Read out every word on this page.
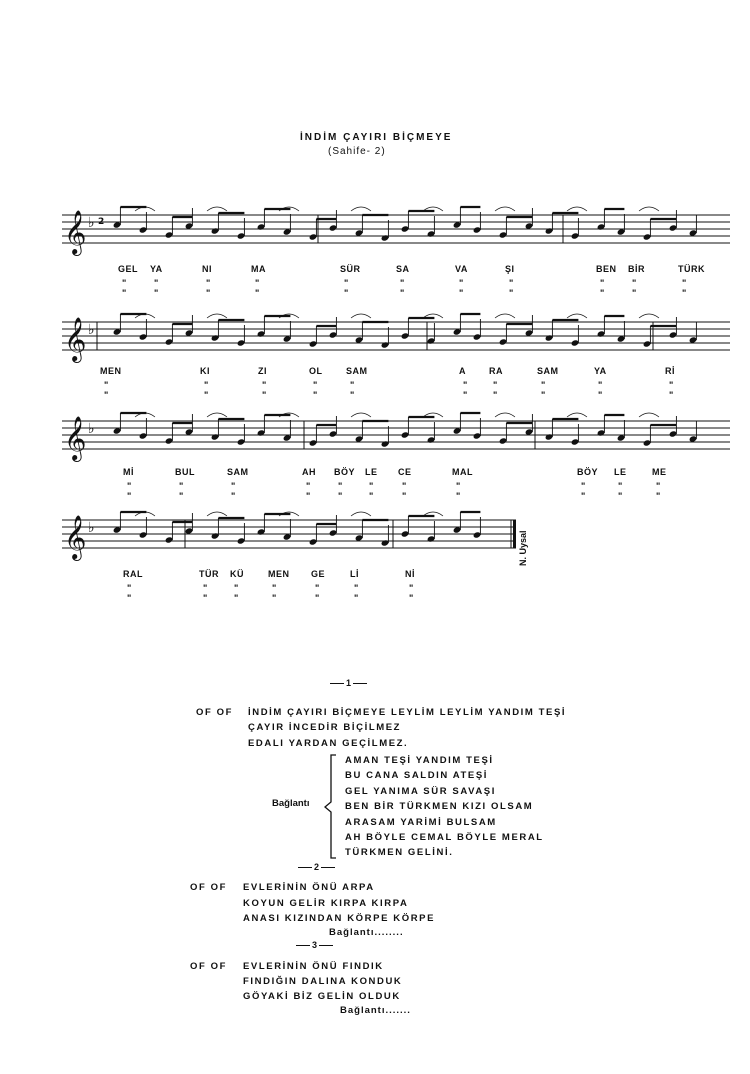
İNDİM ÇAYIRI BİÇMEYE
(Sahife- 2)
𝄞 ♭ 2
𝄞 ♭
𝄞 ♭
𝄞 ♭
GEL
"
"
YA
"
"
NI
"
"
MA
"
"
SÜR
"
"
SA
"
"
VA
"
"
ŞI
"
"
BEN
"
"
BİR
"
"
TÜRK
"
"
MEN
"
"
KI
"
"
ZI
"
"
OL
"
"
SAM
"
"
A
"
"
RA
"
"
SAM
"
"
YA
"
"
Rİ
"
"
Mİ
"
"
BUL
"
"
SAM
"
"
AH
"
"
BÖY
"
"
LE
"
"
CE
"
"
MAL
"
"
BÖY
"
"
LE
"
"
ME
"
"
RAL
"
"
TÜR
"
"
KÜ
"
"
MEN
"
"
GE
"
"
Lİ
"
"
Nİ
"
"
N. Uysal
1
OF OF İNDİM ÇAYIRI BİÇMEYE LEYLİM LEYLİM YANDIM TEŞİ
ÇAYIR İNCEDİR BİÇİLMEZ
EDALI YARDAN GEÇİLMEZ.
Bağlantı
AMAN TEŞİ YANDIM TEŞİ
BU CANA SALDIN ATEŞİ
GEL YANIMA SÜR SAVAŞI
BEN BİR TÜRKMEN KIZI OLSAM
ARASAM YARİMİ BULSAM
AH BÖYLE CEMAL BÖYLE MERAL
TÜRKMEN GELİNİ.
2
OF OF EVLERİNİN ÖNÜ ARPA
KOYUN GELİR KIRPA KIRPA
ANASI KIZINDAN KÖRPE KÖRPE
Bağlantı........
3
OF OF EVLERİNİN ÖNÜ FINDIK
FINDIĞIN DALINA KONDUK
GÖYAKİ BİZ GELİN OLDUK
Bağlantı.......
